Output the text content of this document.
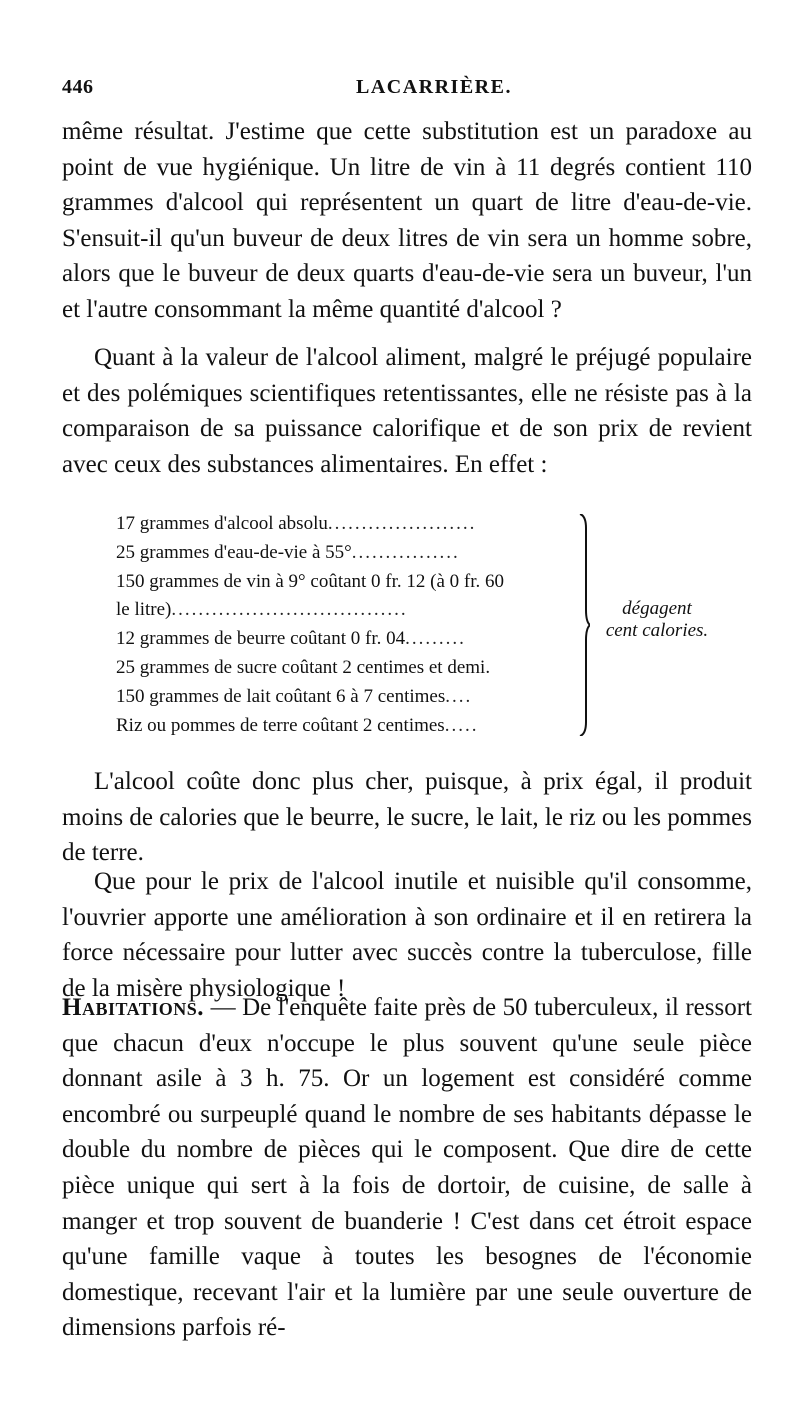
446	LACARRIÈRE.

même résultat. J'estime que cette substitution est un paradoxe au point de vue hygiénique. Un litre de vin à 11 degrés contient 110 grammes d'alcool qui représentent un quart de litre d'eau-de-vie. S'ensuit-il qu'un buveur de deux litres de vin sera un homme sobre, alors que le buveur de deux quarts d'eau-de-vie sera un buveur, l'un et l'autre consommant la même quantité d'alcool ?

Quant à la valeur de l'alcool aliment, malgré le préjugé populaire et des polémiques scientifiques retentissantes, elle ne résiste pas à la comparaison de sa puissance calorifique et de son prix de revient avec ceux des substances alimentaires. En effet :

17 grammes d'alcool absolu......................
25 grammes d'eau-de-vie à 55°................
150 grammes de vin à 9° coûtant 0 fr. 12 (à 0 fr. 60
le litre)...................................
12 grammes de beurre coûtant 0 fr. 04.........
25 grammes de sucre coûtant 2 centimes et demi.
150 grammes de lait coûtant 6 à 7 centimes....
Riz ou pommes de terre coûtant 2 centimes.....
dégagent
cent calories.

L'alcool coûte donc plus cher, puisque, à prix égal, il produit moins de calories que le beurre, le sucre, le lait, le riz ou les pommes de terre.

Que pour le prix de l'alcool inutile et nuisible qu'il consomme, l'ouvrier apporte une amélioration à son ordinaire et il en retirera la force nécessaire pour lutter avec succès contre la tuberculose, fille de la misère physiologique !

Habitations. — De l'enquête faite près de 50 tuberculeux, il ressort que chacun d'eux n'occupe le plus souvent qu'une seule pièce donnant asile à 3 h. 75. Or un logement est considéré comme encombré ou surpeuplé quand le nombre de ses habitants dépasse le double du nombre de pièces qui le composent. Que dire de cette pièce unique qui sert à la fois de dortoir, de cuisine, de salle à manger et trop souvent de buanderie ! C'est dans cet étroit espace qu'une famille vaque à toutes les besognes de l'économie domestique, recevant l'air et la lumière par une seule ouverture de dimensions parfois ré-
